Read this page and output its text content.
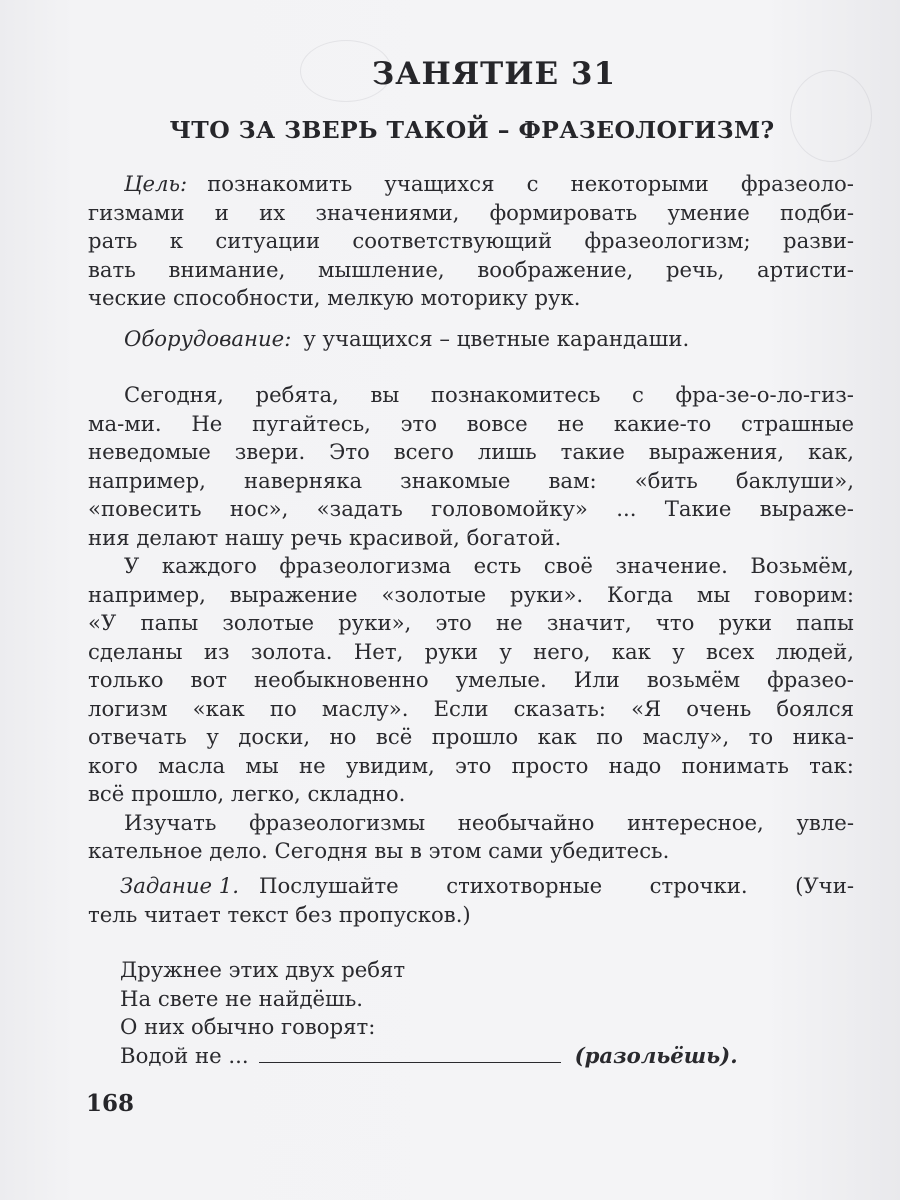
ЗАНЯТИЕ 31
ЧТО ЗА ЗВЕРЬ ТАКОЙ – ФРАЗЕОЛОГИЗМ?
Цель: познакомить учащихся с некоторыми фразеоло-
гизмами и их значениями, формировать умение подби-
рать к ситуации соответствующий фразеологизм; разви-
вать внимание, мышление, воображение, речь, артисти-
ческие способности, мелкую моторику рук.
Оборудование: у учащихся – цветные карандаши.
Сегодня, ребята, вы познакомитесь с фра-зе-о-ло-гиз-
ма-ми. Не пугайтесь, это вовсе не какие-то страшные
неведомые звери. Это всего лишь такие выражения, как,
например, наверняка знакомые вам: «бить баклуши»,
«повесить нос», «задать головомойку» ... Такие выраже-
ния делают нашу речь красивой, богатой.
У каждого фразеологизма есть своё значение. Возьмём,
например, выражение «золотые руки». Когда мы говорим:
«У папы золотые руки», это не значит, что руки папы
сделаны из золота. Нет, руки у него, как у всех людей,
только вот необыкновенно умелые. Или возьмём фразео-
логизм «как по маслу». Если сказать: «Я очень боялся
отвечать у доски, но всё прошло как по маслу», то ника-
кого масла мы не увидим, это просто надо понимать так:
всё прошло, легко, складно.
Изучать фразеологизмы необычайно интересное, увле-
кательное дело. Сегодня вы в этом сами убедитесь.
Задание 1. Послушайте стихотворные строчки. (Учи-
тель читает текст без пропусков.)
Дружнее этих двух ребят
На свете не найдёшь.
О них обычно говорят:
Водой не ...	(разольёшь).
168
